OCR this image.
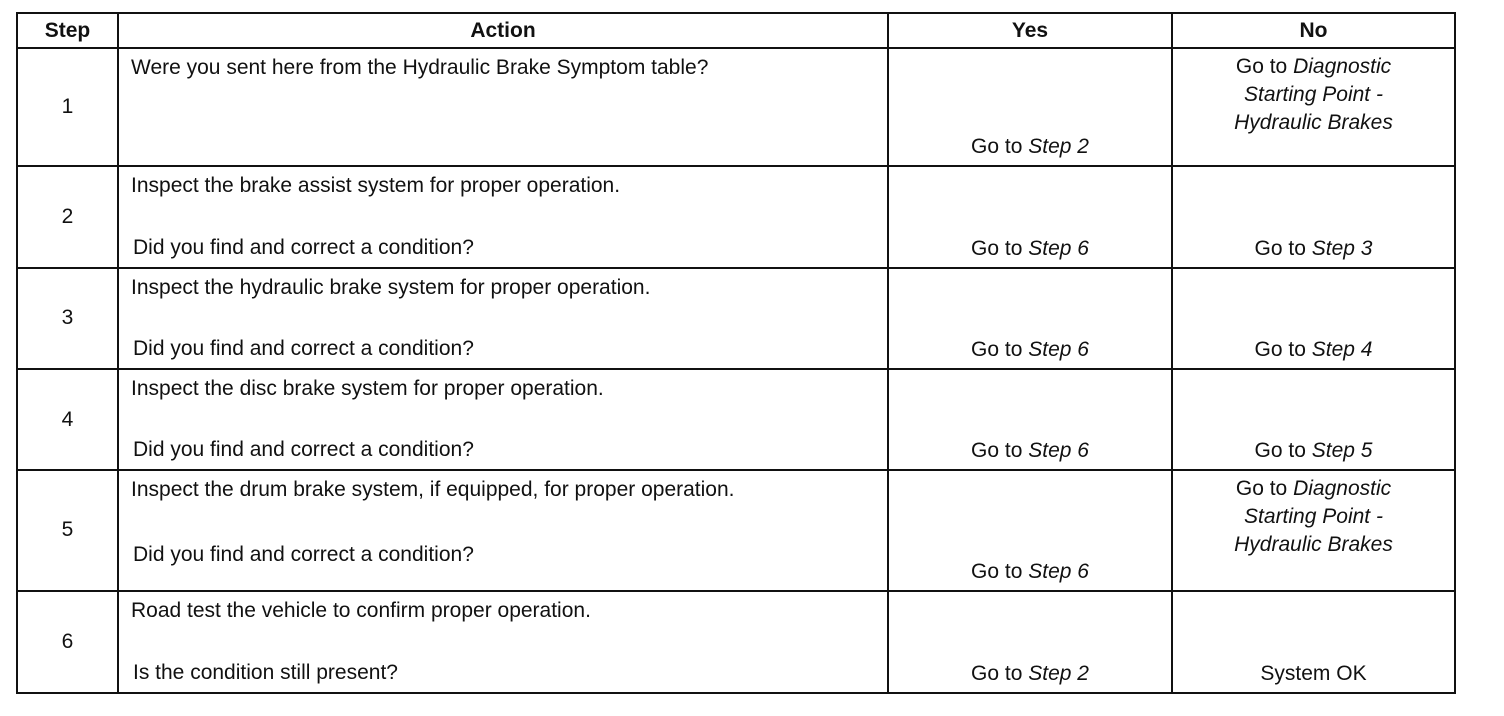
Step	Action	Yes	No
1	Were you sent here from the Hydraulic Brake Symptom table?	Go to Step 2	Go to Diagnostic
Starting Point -
Hydraulic Brakes

2	Inspect the brake assist system for proper operation.
Did you find and correct a condition?	Go to Step 6	Go to Step 3
3	Inspect the hydraulic brake system for proper operation.
Did you find and correct a condition?	Go to Step 6	Go to Step 4
4	Inspect the disc brake system for proper operation.
Did you find and correct a condition?	Go to Step 6	Go to Step 5
5	Inspect the drum brake system, if equipped, for proper operation.
Did you find and correct a condition?	Go to Step 6	Go to Diagnostic
Starting Point -
Hydraulic Brakes

6	Road test the vehicle to confirm proper operation.
Is the condition still present?	Go to Step 2	System OK
